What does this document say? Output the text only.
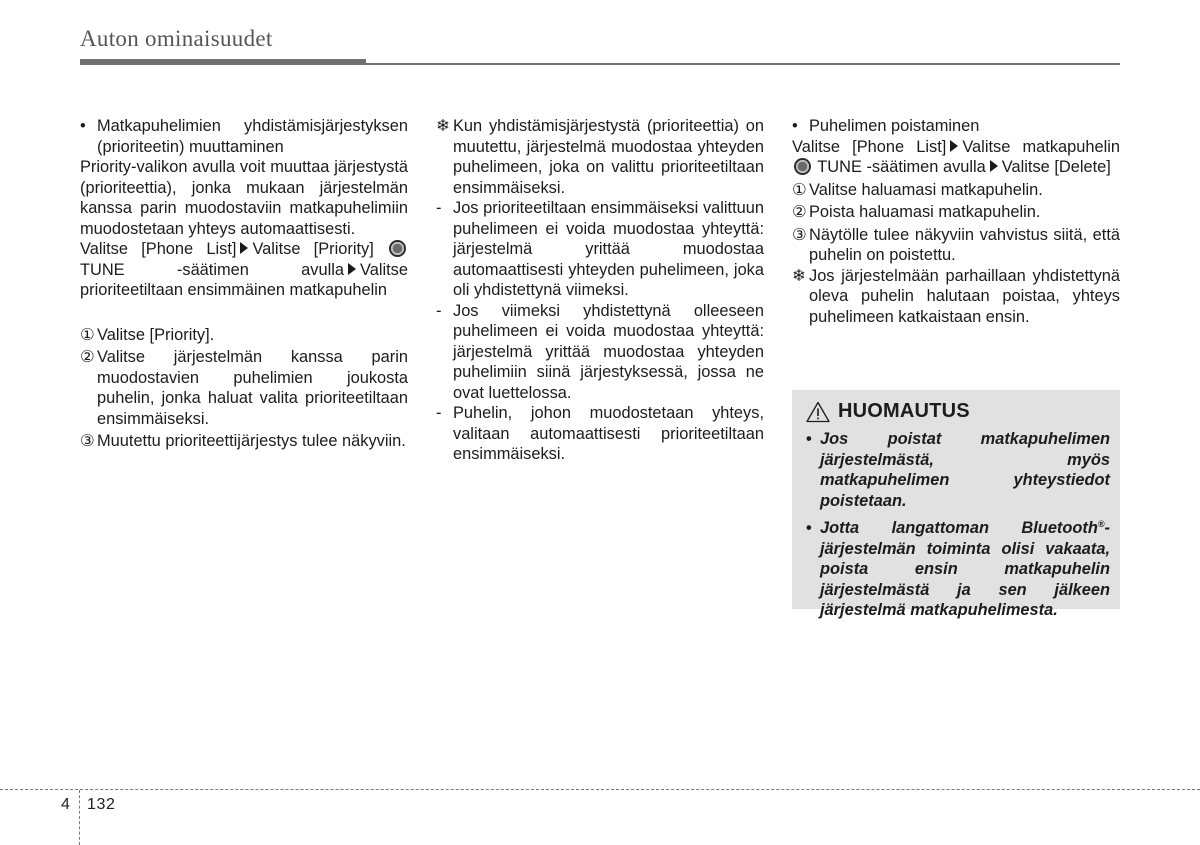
Auton ominaisuudet
• Matkapuhelimien yhdistämisjärjestyksen (prioriteetin) muuttaminen

Priority-valikon avulla voit muuttaa järjestystä (prioriteettia), jonka mukaan järjestelmän kanssa parin muodostaviin matkapuhelimiin muodostetaan yhteys automaattisesti.

Valitse [Phone List] Valitse [Priority]  TUNE -säätimen avulla Valitse prioriteetiltaan ensimmäinen matkapuhelin

① Valitse [Priority].
② Valitse järjestelmän kanssa parin muodostavien puhelimien joukosta puhelin, jonka haluat valita prioriteetiltaan ensimmäiseksi.
③ Muutettu prioriteettijärjestys tulee näkyviin.
❄ Kun yhdistämisjärjestystä (prioriteettia) on muutettu, järjestelmä muodostaa yhteyden puhelimeen, joka on valittu prioriteetiltaan ensimmäiseksi.
- Jos prioriteetiltaan ensimmäiseksi valittuun puhelimeen ei voida muodostaa yhteyttä: järjestelmä yrittää muodostaa automaattisesti yhteyden puhelimeen, joka oli yhdistettynä viimeksi.
- Jos viimeksi yhdistettynä olleeseen puhelimeen ei voida muodostaa yhteyttä: järjestelmä yrittää muodostaa yhteyden puhelimiin siinä järjestyksessä, jossa ne ovat luettelossa.
- Puhelin, johon muodostetaan yhteys, valitaan automaattisesti prioriteetiltaan ensimmäiseksi.
• Puhelimen poistaminen

Valitse [Phone List] Valitse matkapuhelin  TUNE -säätimen avulla Valitse [Delete]

① Valitse haluamasi matkapuhelin.
② Poista haluamasi matkapuhelin.
③ Näytölle tulee näkyviin vahvistus siitä, että puhelin on poistettu.
❄ Jos järjestelmään parhaillaan yhdistettynä oleva puhelin halutaan poistaa, yhteys puhelimeen katkaistaan ensin.
HUOMAUTUS
• Jos poistat matkapuhelimen järjestelmästä, myös matkapuhelimen yhteystiedot poistetaan.
• Jotta langattoman Bluetooth®-järjestelmän toiminta olisi vakaata, poista ensin matkapuhelin järjestelmästä ja sen jälkeen järjestelmä matkapuhelimesta.
4 132
